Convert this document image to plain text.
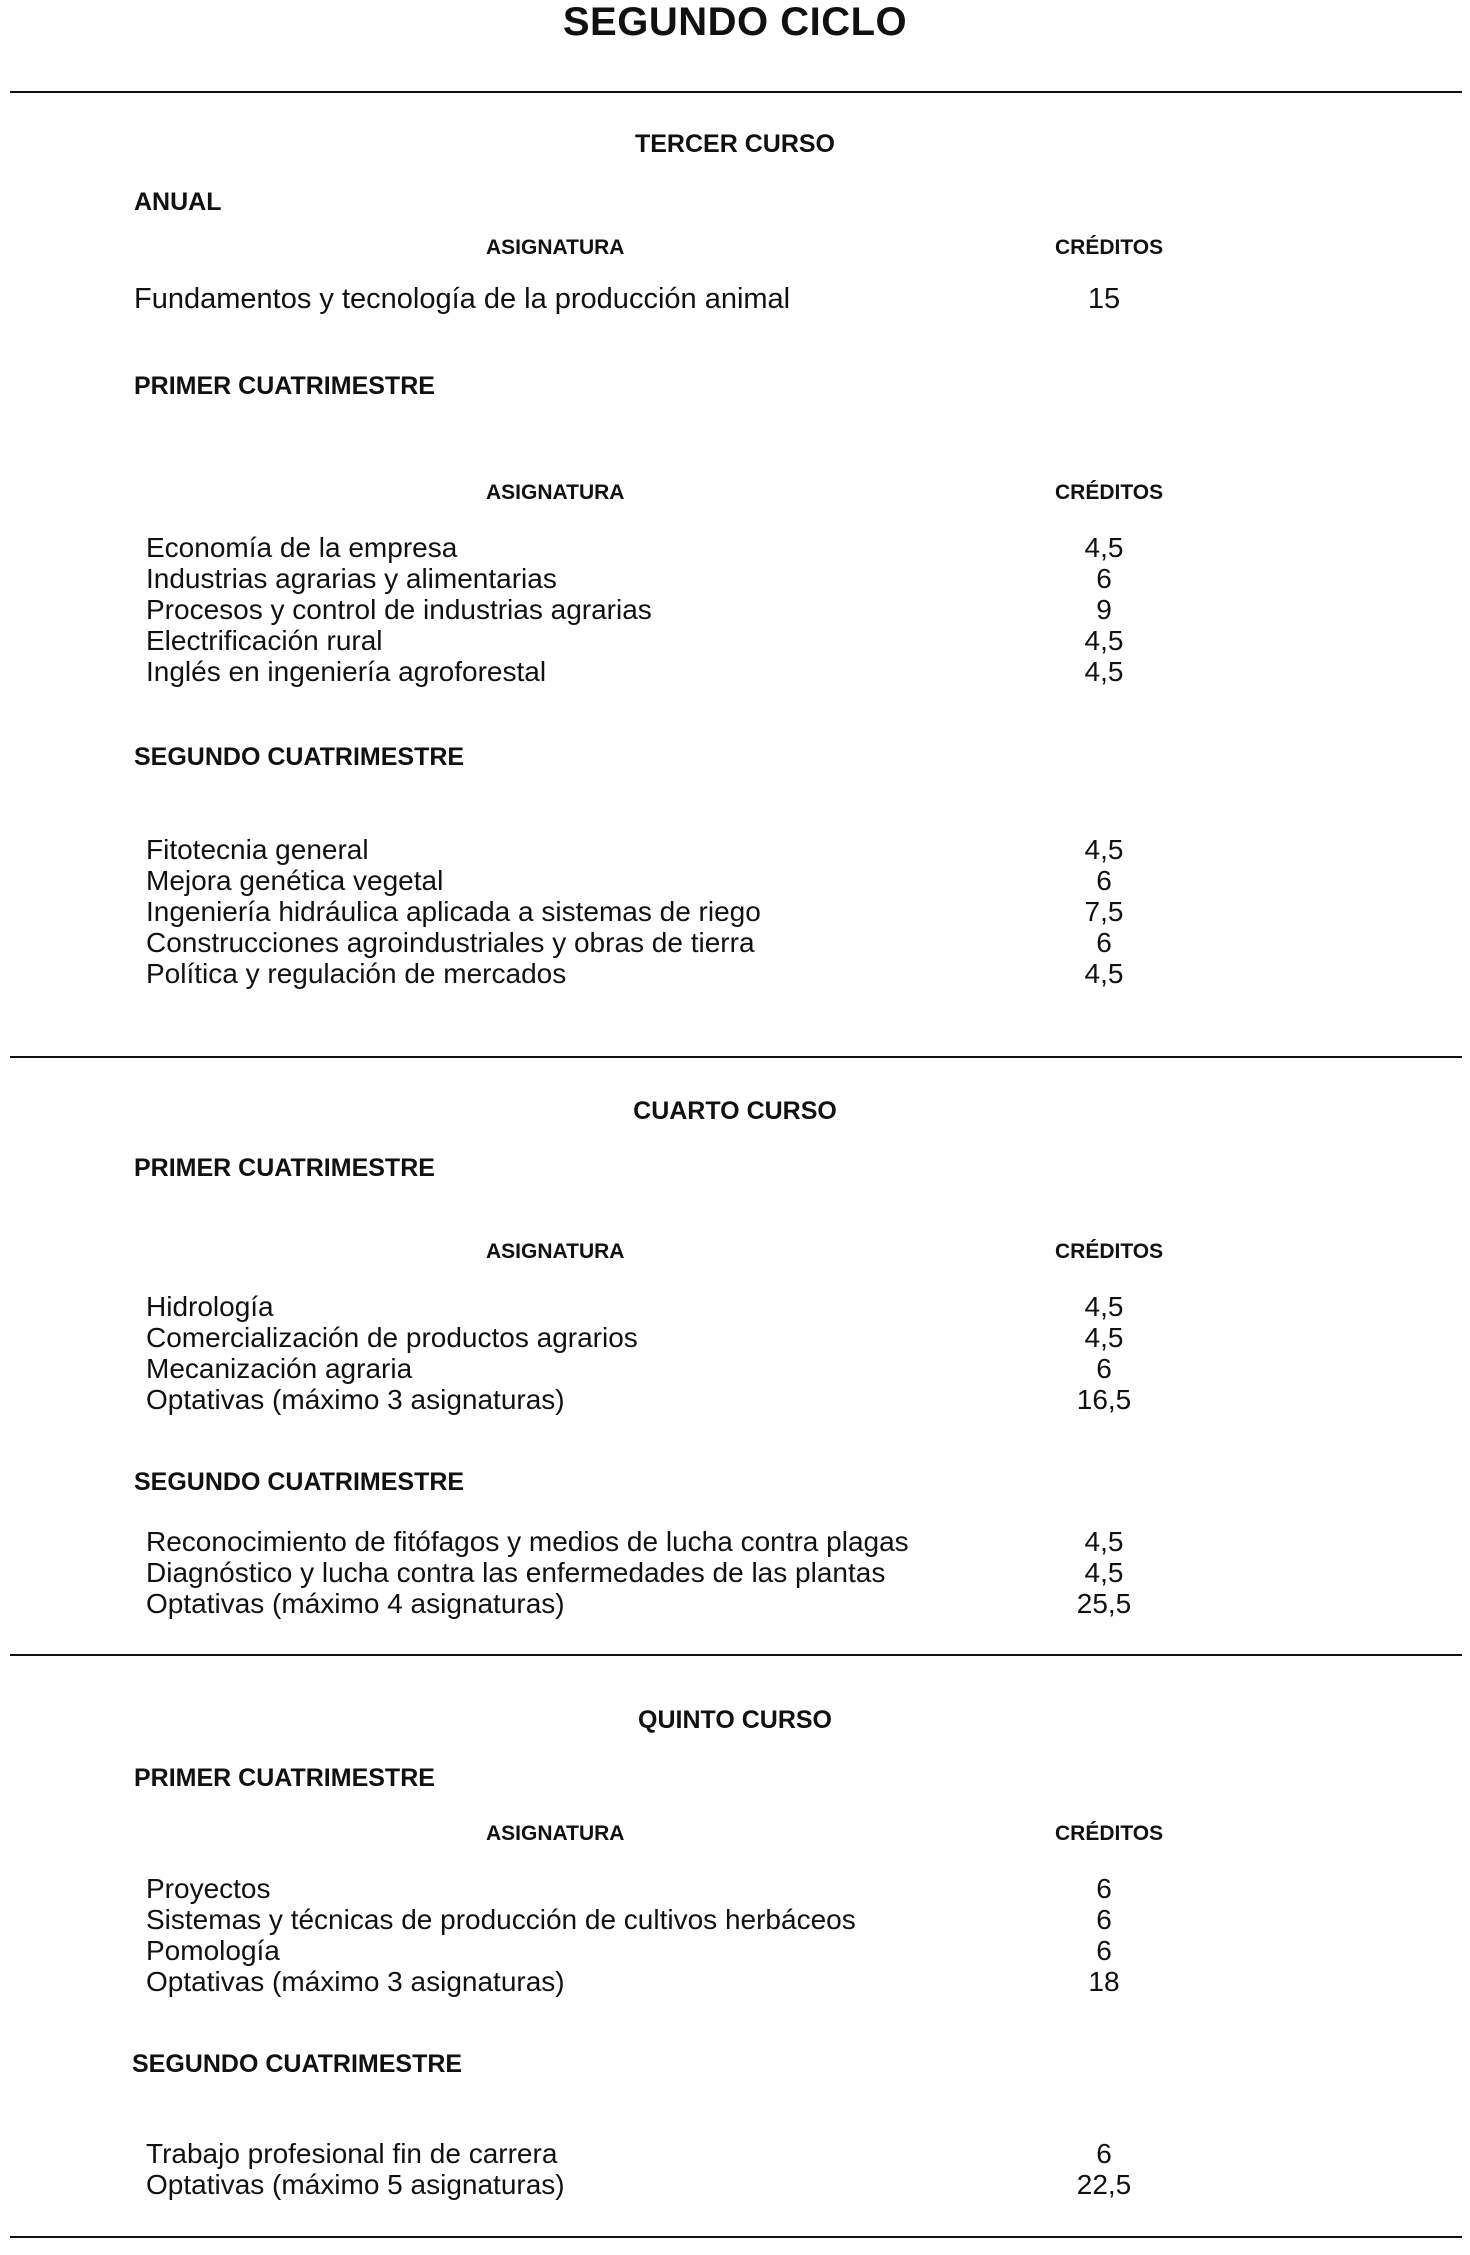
SEGUNDO CICLO
TERCER CURSO
ANUAL
ASIGNATURA	CRÉDITOS
Fundamentos y tecnología de la producción animal	15
PRIMER CUATRIMESTRE
ASIGNATURA	CRÉDITOS
Economía de la empresa	4,5
Industrias agrarias y alimentarias	6
Procesos y control de industrias agrarias	9
Electrificación rural	4,5
Inglés en ingeniería agroforestal	4,5
SEGUNDO CUATRIMESTRE
Fitotecnia general	4,5
Mejora genética vegetal	6
Ingeniería hidráulica aplicada a sistemas de riego	7,5
Construcciones agroindustriales y obras de tierra	6
Política y regulación de mercados	4,5
CUARTO CURSO
PRIMER CUATRIMESTRE
ASIGNATURA	CRÉDITOS
Hidrología	4,5
Comercialización de productos agrarios	4,5
Mecanización agraria	6
Optativas (máximo 3 asignaturas)	16,5
SEGUNDO CUATRIMESTRE
Reconocimiento de fitófagos y medios de lucha contra plagas	4,5
Diagnóstico y lucha contra las enfermedades de las plantas	4,5
Optativas (máximo 4 asignaturas)	25,5
QUINTO CURSO
PRIMER CUATRIMESTRE
ASIGNATURA	CRÉDITOS
Proyectos	6
Sistemas y técnicas de producción de cultivos herbáceos	6
Pomología	6
Optativas (máximo 3 asignaturas)	18
SEGUNDO CUATRIMESTRE
Trabajo profesional fin de carrera	6
Optativas (máximo 5 asignaturas)	22,5
